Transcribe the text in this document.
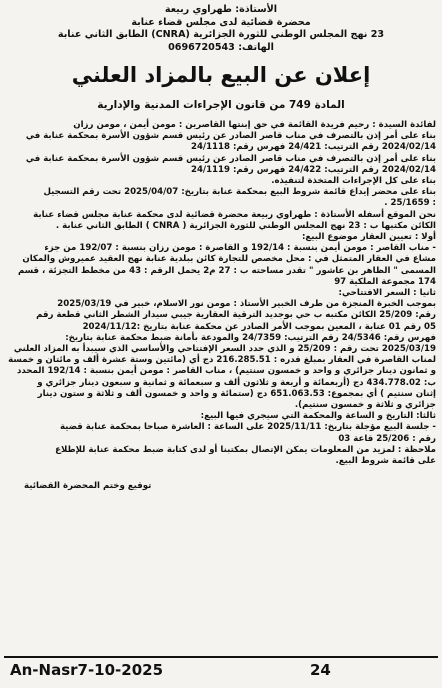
الأستاذة: طهراوي ربيعة
محضرة قضائية لدى مجلس قضاء عنابة
23 نهج المجلس الوطني للثورة الجزائرية (CNRA) الطابق الثاني عنابة
الهاتف: 0696720543
إعلان عن البيع بالمزاد العلني
المادة 749 من قانون الإجراءات المدنية والإدارية

لفائدة السيدة : رحيم فريدة القائمة في حق إبنتها القاصرين : مومن أيمن ، مومن رزان

بناء على أمر إذن بالتصرف في مناب قاصر الصادر عن رئيس قسم شؤون الأسرة بمحكمة عنابة في

2024/02/14 رقم الترتيب: 24/421 فهرس رقم: 24/1118

بناء على أمر إذن بالتصرف في مناب قاصر الصادر عن رئيس قسم شؤون الأسرة بمحكمة عنابة في

2024/02/14 رقم الترتيب: 24/422 فهرس رقم: 24/1119

بناء على كل الإجراءات المتخذة لتنفيذه.

بناء على محضر إيداع قائمة شروط البيع بمحكمة عنابة بتاريخ: 2025/04/07 تحت رقم التسجيل

: 25/1659 .

نحن الموقع أسفله الأستاذة : طهراوي ربيعة محضرة قضائية لدى محكمة عنابة مجلس قضاء عنابة

الكائن مكتبها ب : 23 نهج المجلس الوطني للثورة الجزائرية ( CNRA ) الطابق الثاني عنابة .

أولا : تعيين العقار موضوع البيع:

- مناب القاصر : مومن أيمن بنسبة : 192/14 و القاصرة : مومن رزان بنسبة : 192/07 من جزء

مشاع في العقار المتمثل في : محل مخصص للتجارة كائن ببلدية عنابة نهج العقيد عميروش والمكان

المسمى " الظاهر بن عاشور " تقدر مساحته ب : 27 م2 يحمل الرقم : 43 من مخطط التجزئة ، قسم

174 مجموعة الملكية 97

ثانيا : السعر الافتتاحي:

بموجب الخبرة المنجزة من طرف الخبير الأستاذ : مومن نور الاسلام، خبير في 2025/03/19

رقم: 25/209 الكائن مكتبه ب حي بوجديد الترقية العقارية جيبي سيدار الشطر الثاني قطعة رقم

05 رقم 01 عنابة ، المعين بموجب الأمر الصادر عن محكمة عنابة بتاريخ :2024/11/12

فهرس رقم: 24/5346 رقم الترتيب: 24/7359 والمودعة بأمانة ضبط محكمة عنابة بتاريخ:

2025/03/19 تحت رقم : 25/209 و الذي حدد السعر الإفتتاحي والأساسي الذي سيبدأ به المزاد العلني

لمناب القاصرة في العقار بمبلغ قدره : 216.285.51 دج أي (مائتين وستة عشرة ألف و مائتان و خمسة

و ثمانون دينار جزائري و واحد و خمسون سنتيم) ، مناب القاصر : مومن أيمن بنسبة : 192/14 المحدد

ب: 434.778.02 دج (أربعمائة و أربعة و ثلاثون ألف و سبعمائة و ثمانية و سبعون دينار جزائري و

إثنان سنتيم ) أي بمجموع: 651.063.53 دج (ستمائة و واحد و خمسون ألف و ثلاثة و ستون دينار

جزائري و ثلاثة و خمسون سنتيم).

ثالثا: التاريخ و الساعة والمحكمة التي سيجري فيها البيع:

- جلسة البيع مؤجلة بتاريخ: 2025/11/11 على الساعة : العاشرة صباحا بمحكمة عنابة قضية

رقم : 25/206 قاعة 03

ملاحظة : لمزيد من المعلومات يمكن الإتصال بمكتبنا أو لدى كتابة ضبط محكمة عنابة للإطلاع

على قائمة شروط البيع.

توقيع وختم المحضرة القضائية
An-Nasr7-10-2025	24
